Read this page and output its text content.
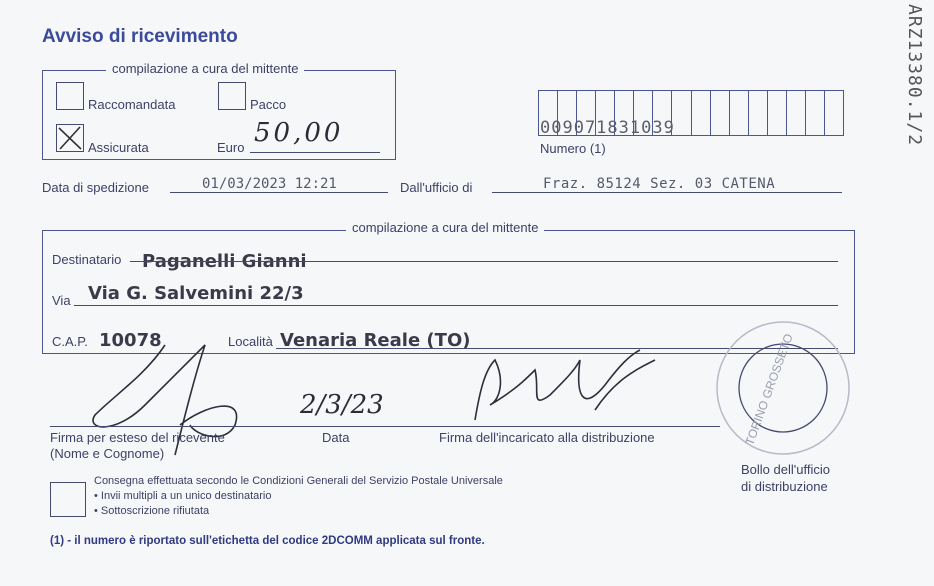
Avviso di ricevimento	ARZ13380.1/2
compilazione a cura del mittente
Raccomandata	Pacco
Assicurata	Euro 50,00	009071831039
Numero (1)
Data di spedizione	01/03/2023 12:21	Dall'ufficio di	Fraz. 85124 Sez. 03 CATENA
compilazione a cura del mittente
Destinatario Paganelli Gianni
Via Via G. Salvemini 22/3
C.A.P. 10078	Località Venaria Reale (TO)
2/3/23
Firma per esteso del ricevente
(Nome e Cognome)
Data	Firma dell'incaricato alla distribuzione	TORINO GROSSETO
Bollo dell'ufficio
di distribuzione
Consegna effettuata secondo le Condizioni Generali del Servizio Postale Universale
• Invii multipli a un unico destinatario
• Sottoscrizione rifiutata
(1) - il numero è riportato sull'etichetta del codice 2DCOMM applicata sul fronte.
